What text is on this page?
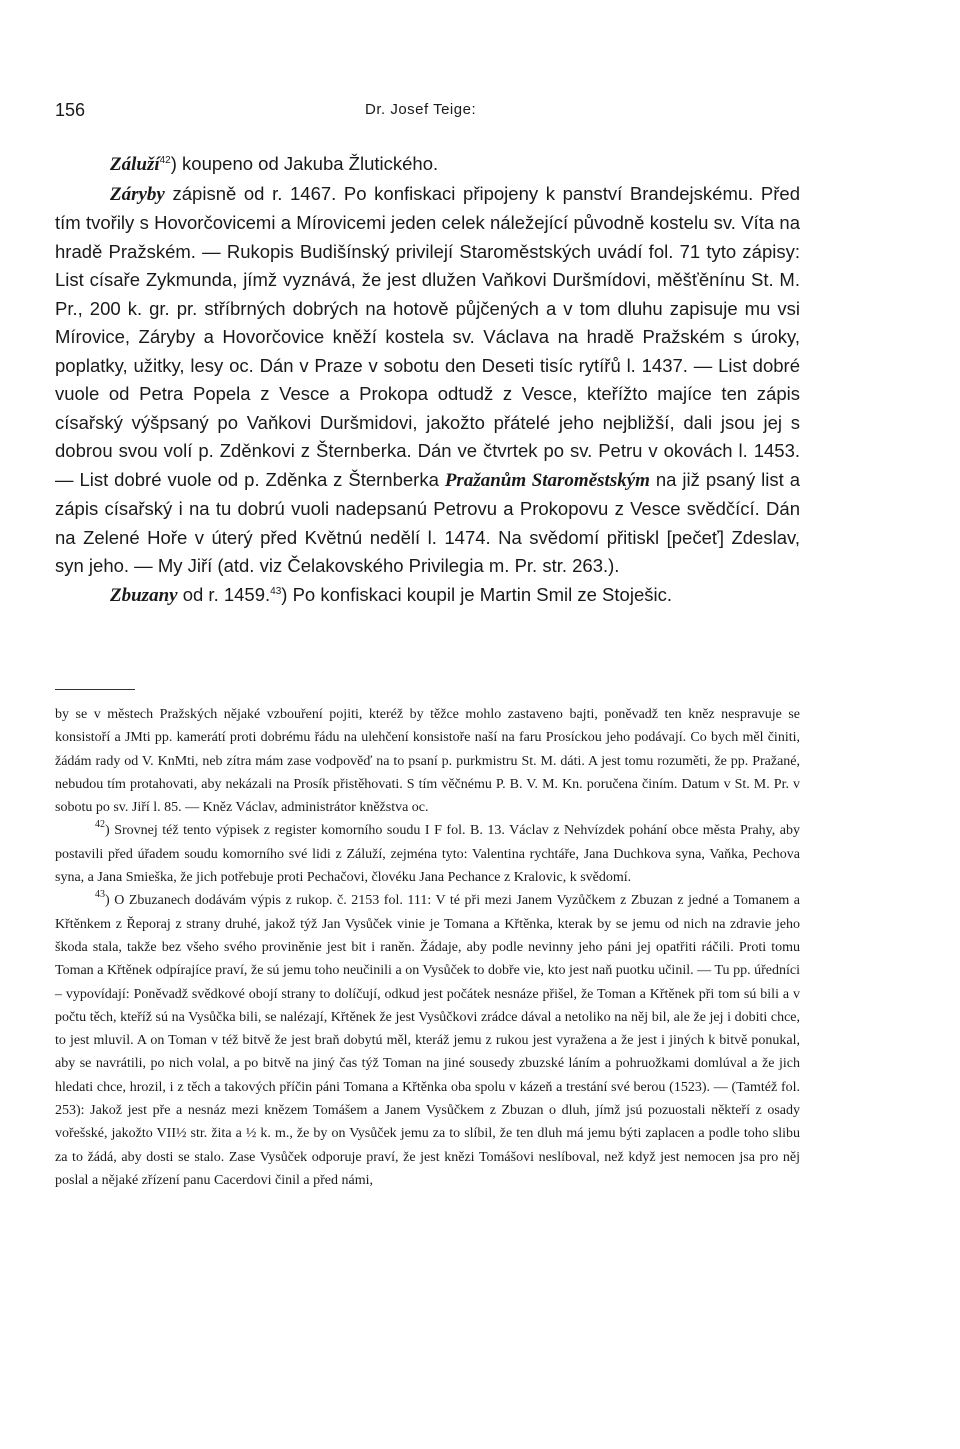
156	Dr. Josef Teige:

Záluží$^{42}$) koupeno od Jakuba Žlutického.

Záryby zápisně od r. 1467. Po konfiskaci připojeny k panství Brandejskému. Před tím tvořily s Hovorčovicemi a Mírovicemi jeden celek náležející původně kostelu sv. Víta na hradě Pražském. — Rukopis Budišínský privilejí Staroměstských uvádí fol. 71 tyto zápisy: List císaře Zykmunda, jímž vyznává, že jest dlužen Vaňkovi Duršmídovi, měšťěnínu St. M. Pr., 200 k. gr. pr. stříbrných dobrých na hotově půjčených a v tom dluhu zapisuje mu vsi Mírovice, Záryby a Hovorčovice kněží kostela sv. Václava na hradě Pražském s úroky, poplatky, užitky, lesy oc. Dán v Praze v sobotu den Deseti tisíc rytířů l. 1437. — List dobré vuole od Petra Popela z Vesce a Prokopa odtudž z Vesce, kteřížto majíce ten zápis císařský výšpsaný po Vaňkovi Duršmidovi, jakožto přátelé jeho nejbližší, dali jsou jej s dobrou svou volí p. Zděnkovi z Šternberka. Dán ve čtvrtek po sv. Petru v okovách l. 1453. — List dobré vuole od p. Zděnka z Šternberka Pražanům Staroměstským na již psaný list a zápis císařský i na tu dobrú vuoli nadepsanú Petrovu a Prokopovu z Vesce svědčící. Dán na Zelené Hoře v úterý před Květnú nedělí l. 1474. Na svědomí přitiskl [pečeť] Zdeslav, syn jeho. — My Jiří (atd. viz Čelakovského Privilegia m. Pr. str. 263.).

Zbuzany od r. 1459.43) Po konfiskaci koupil je Martin Smil ze Stoješic.

by se v městech Pražských nějaké vzbouření pojiti, kteréž by těžce mohlo zastaveno bajti, poněvadž ten kněz nespravuje se konsistoří a JMti pp. kamerátí proti dobrému řádu na ulehčení konsistoře naší na faru Prosíckou jeho podávají. Co bych měl činiti, žádám rady od V. KnMti, neb zítra mám zase vodpověď na to psaní p. purkmistru St. M. dáti. A jest tomu rozuměti, že pp. Pražané, nebudou tím protahovati, aby nekázali na Prosík přistěhovati. S tím věčnému P. B. V. M. Kn. poručena činím. Datum v St. M. Pr. v sobotu po sv. Jiří l. 85. — Kněz Václav, administrátor kněžstva oc.

$^{42}$) Srovnej též tento výpisek z register komorního soudu I F fol. B. 13. Václav z Nehvízdek pohání obce města Prahy, aby postavili před úřadem soudu komorního své lidi z Záluží, zejména tyto: Valentina rychtáře, Jana Duchkova syna, Vaňka, Pechova syna, a Jana Smieška, že jich potřebuje proti Pechačovi, človéku Jana Pechance z Kralovic, k svědomí.

$^{43}$) O Zbuzanech dodávám výpis z rukop. č. 2153 fol. 111: V té při mezi Janem Vyzůčkem z Zbuzan z jedné a Tomanem a Křtěnkem z Řeporaj z strany druhé, jakož týž Jan Vysůček vinie je Tomana a Křtěnka, kterak by se jemu od nich na zdravie jeho škoda stala, takže bez všeho svého proviněnie jest bit i raněn. Žádaje, aby podle nevinny jeho páni jej opatřiti ráčili. Proti tomu Toman a Křtěnek odpírajíce praví, že sú jemu toho neučinili a on Vysůček to dobře vie, kto jest naň puotku učinil. — Tu pp. úředníci – vypovídají: Poněvadž svědkové obojí strany to dolíčují, odkud jest počátek nesnáze přišel, že Toman a Křtěnek při tom sú bili a v počtu těch, kteříž sú na Vysůčka bili, se nalézají, Křtěnek že jest Vysůčkovi zrádce dával a netoliko na něj bil, ale že jej i dobiti chce, to jest mluvil. A on Toman v též bitvě že jest braň dobytú měl, kteráž jemu z rukou jest vyražena a že jest i jiných k bitvě ponukal, aby se navrátili, po nich volal, a po bitvě na jiný čas týž Toman na jiné sousedy zbuzské láním a pohruožkami domlúval a že jich hledati chce, hrozil, i z těch a takových příčin páni Tomana a Křtěnka oba spolu v kázeň a trestání své berou (1523). — (Tamtéž fol. 253): Jakož jest pře a nesnáz mezi knězem Tomášem a Janem Vysůčkem z Zbuzan o dluh, jímž jsú pozuostali někteří z osady vořešské, jakožto VII½ str. žita a ½ k. m., že by on Vysůček jemu za to slíbil, že ten dluh má jemu býti zaplacen a podle toho slibu za to žádá, aby dosti se stalo. Zase Vysůček odporuje praví, že jest knězi Tomášovi neslíboval, než když jest nemocen jsa pro něj poslal a nějaké zřízení panu Cacerdovi činil a před námi,
